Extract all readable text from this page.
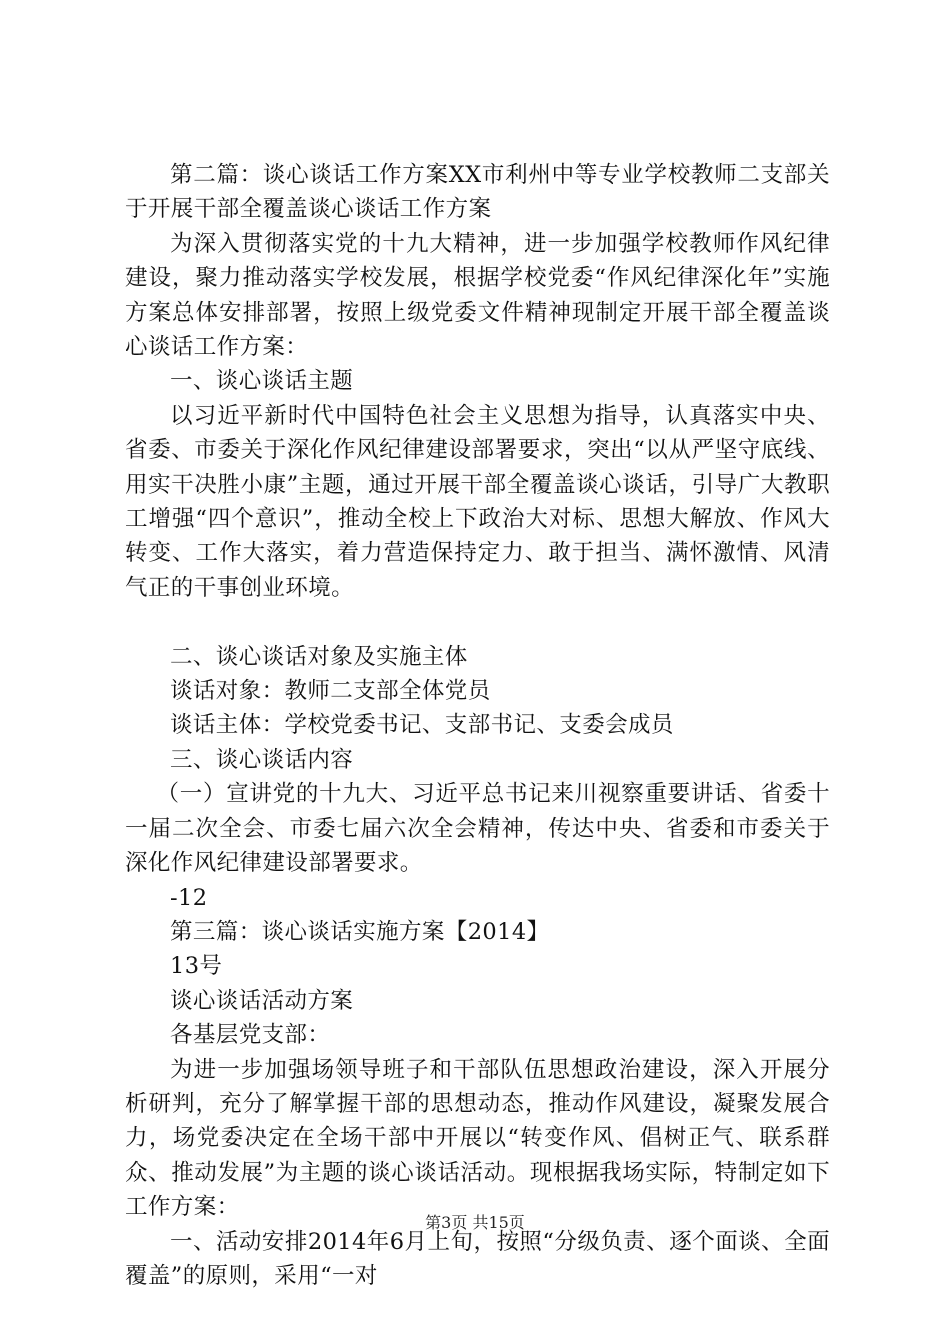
第二篇：谈心谈话工作方案XX市利州中等专业学校教师二支部关于开展干部全覆盖谈心谈话工作方案

为深入贯彻落实党的十九大精神，进一步加强学校教师作风纪律建设，聚力推动落实学校发展，根据学校党委“作风纪律深化年”实施方案总体安排部署，按照上级党委文件精神现制定开展干部全覆盖谈心谈话工作方案：

一、谈心谈话主题

以习近平新时代中国特色社会主义思想为指导，认真落实中央、省委、市委关于深化作风纪律建设部署要求，突出“以从严坚守底线、用实干决胜小康”主题，通过开展干部全覆盖谈心谈话，引导广大教职工增强“四个意识”，推动全校上下政治大对标、思想大解放、作风大转变、工作大落实，着力营造保持定力、敢于担当、满怀激情、风清气正的干事创业环境。

二、谈心谈话对象及实施主体

谈话对象：教师二支部全体党员

谈话主体：学校党委书记、支部书记、支委会成员

三、谈心谈话内容

（一）宣讲党的十九大、习近平总书记来川视察重要讲话、省委十一届二次全会、市委七届六次全会精神，传达中央、省委和市委关于深化作风纪律建设部署要求。

-12

第三篇：谈心谈话实施方案【2014】

13号

谈心谈话活动方案

各基层党支部：

为进一步加强场领导班子和干部队伍思想政治建设，深入开展分析研判，充分了解掌握干部的思想动态，推动作风建设，凝聚发展合力，场党委决定在全场干部中开展以“转变作风、倡树正气、联系群众、推动发展”为主题的谈心谈话活动。现根据我场实际，特制定如下工作方案：

一、活动安排2014年6月上旬，按照“分级负责、逐个面谈、全面覆盖”的原则，采用“一对

第3页 共15页
